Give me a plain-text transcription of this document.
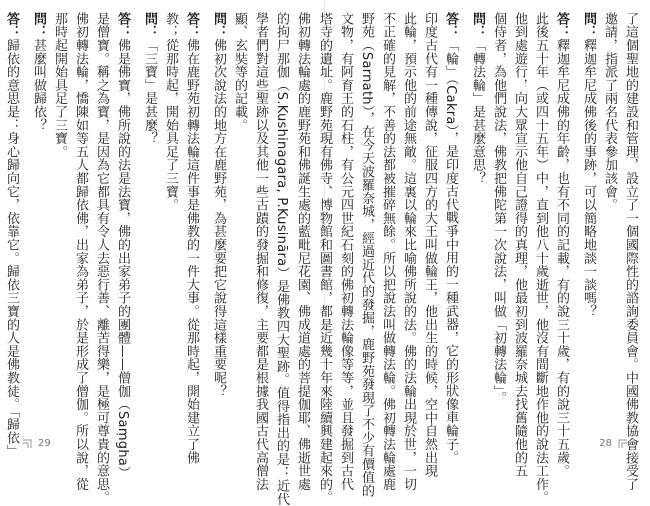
佛初轉法輪處的鹿野苑和佛誕生處的藍毗尼花園、佛成道處的菩提伽耶、佛逝世處
的拘尸那伽（S.Kushinagara, P.Kusināra）是佛教四大聖跡。值得指出的是：近代
學者們對這些聖跡以及其他一些古蹟的發掘和修復，主要都是根據我國古代高僧法
顯、玄奘等的記載。
問：佛初次說法的地方在鹿野苑，為甚麼要把它說得這樣重要呢？
答：佛在鹿野苑初轉法輪這件事是佛教的一件大事。從那時起，開始建立了佛
教；從那時起，開始具足了三寶。
問：「三寶」是甚麼？
答：佛是佛寶，佛所說的法是法寶，佛的出家弟子的團體——僧伽（Saṃgha）
是僧寶。稱之為寶，是因為它都具有令人去惡行善、離苦得樂，是極可尊貴的意思。
佛初轉法輪，憍陳如等五人都歸依佛，出家為弟子，於是形成了僧伽。所以說，從
那時起開始具足了三寶。
問：甚麼叫做歸依？
答：歸依的意思是：身心歸向它，依靠它。歸依三寶的人是佛教徒。「歸依」	29	了這個聖地的建設和管理，設立了一個國際性的諮詢委員會。中國佛教協會接受了
邀請，指派了兩名代表參加該會。
問：釋迦牟尼成佛後的事跡，可以簡略地談一談嗎？
答：釋迦牟尼成佛的年齡，也有不同的記載，有的說三十歲，有的說三十五歲。
此後五十年（或四十五年）中，直到他八十歲逝世，他沒有間斷地作他的說法工作。
他到處遊行，向大眾宣示他自己證得的真理，他最初到波羅奈城去找舊隨他的五
個侍者，為他們說法，佛教把佛陀第一次說法，叫做「初轉法輪」。
問：「轉法輪」是甚麼意思？
答：「輪」（Cakra），是印度古代戰爭中用的一種武器，它的形狀像車輪子。
印度古代有一種傳說，征服四方的大王叫做輪王，他出生的時候，空中自然出現
此輪，預示他的前途無敵。這裏以輪來比喻佛所說的法。佛的法輪出現於世，一切
不正確的見解，不善的法都被摧碎無餘。所以把說法叫做轉法輪。佛初轉法輪處鹿
野苑（Sarnath），在今天波羅奈城，經過近代的發掘，鹿野苑發現了不少有價值的
文物，有阿育王的石柱，有公元四世紀石刻的佛初轉法輪像等等，並且發掘到古代
塔寺的遺址。鹿野苑現有佛寺、博物館和圖書館，都是近幾十年來陸續興建起來的。	28
